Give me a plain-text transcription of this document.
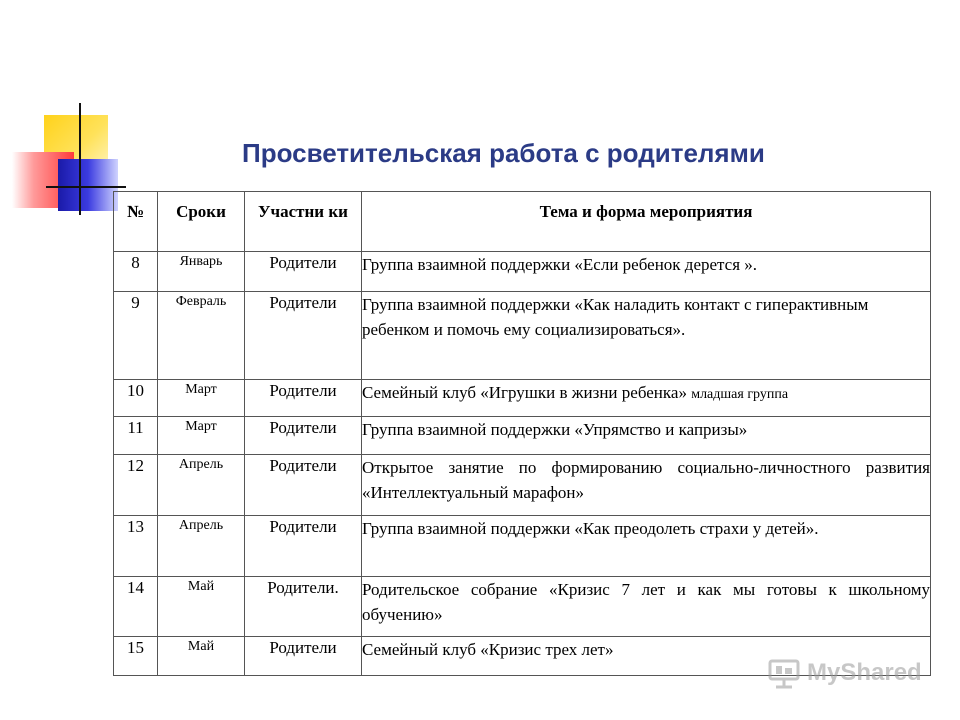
Просветительская работа с родителями
№	Сроки	Участни ки	Тема и форма мероприятия
8	Январь	Родители	Группа взаимной поддержки «Если ребенок дерется ».
9	Февраль	Родители	Группа взаимной поддержки «Как наладить контакт с гиперактивным ребенком и помочь ему социализироваться».
10	Март	Родители	Семейный клуб «Игрушки в жизни ребенка» младшая группа
11	Март	Родители	Группа взаимной поддержки «Упрямство и капризы»
12	Апрель	Родители	Открытое занятие по формированию социально-личностного развития «Интеллектуальный марафон»
13	Апрель	Родители	Группа взаимной поддержки «Как преодолеть страхи у детей».
14	Май	Родители.	Родительское собрание «Кризис 7 лет и как мы готовы к школьному обучению»
15	Май	Родители	Семейный клуб «Кризис трех лет»
MyShared
